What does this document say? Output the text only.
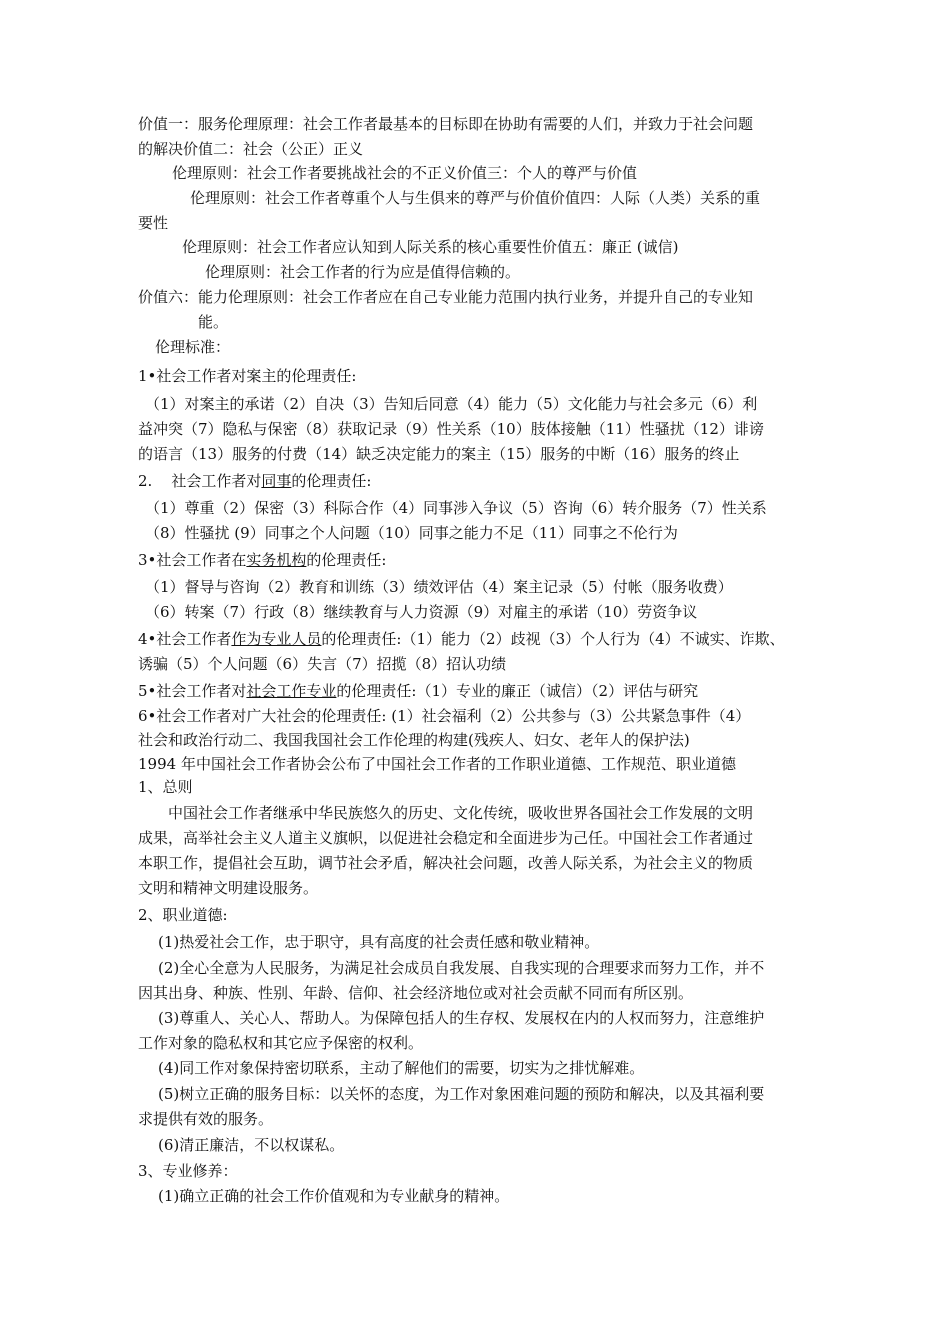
价值一：服务伦理原理：社会工作者最基本的目标即在协助有需要的人们，并致力于社会问题
的解决价值二：社会（公正）正义
伦理原则：社会工作者要挑战社会的不正义价值三：个人的尊严与价值
伦理原则：社会工作者尊重个人与生俱来的尊严与价值价值四：人际（人类）关系的重
要性
伦理原则：社会工作者应认知到人际关系的核心重要性价值五：廉正 (诚信)
伦理原则：社会工作者的行为应是值得信赖的。
价值六：能力伦理原则：社会工作者应在自己专业能力范围内执行业务，并提升自己的专业知
能。
伦理标准：
1•社会工作者对案主的伦理责任:
（1）对案主的承诺（2）自决（3）告知后同意（4）能力（5）文化能力与社会多元（6）利
益冲突（7）隐私与保密（8）获取记录（9）性关系（10）肢体接触（11）性骚扰（12）诽谤
的语言（13）服务的付费（14）缺乏决定能力的案主（15）服务的中断（16）服务的终止
2.    社会工作者对同事的伦理责任:
（1）尊重（2）保密（3）科际合作（4）同事涉入争议（5）咨询（6）转介服务（7）性关系
（8）性骚扰 (9）同事之个人问题（10）同事之能力不足（11）同事之不伦行为
3•社会工作者在实务机构的伦理责任:
（1）督导与咨询（2）教育和训练（3）绩效评估（4）案主记录（5）付帐（服务收费）
（6）转案（7）行政（8）继续教育与人力资源（9）对雇主的承诺（10）劳资争议
4•社会工作者作为专业人员的伦理责任:（1）能力（2）歧视（3）个人行为（4）不诚实、诈欺、
诱骗（5）个人问题（6）失言（7）招揽（8）招认功绩
5•社会工作者对社会工作专业的伦理责任:（1）专业的廉正（诚信）（2）评估与研究
6•社会工作者对广大社会的伦理责任: (1）社会福利（2）公共参与（3）公共紧急事件（4）
社会和政治行动二、我国我国社会工作伦理的构建(残疾人、妇女、老年人的保护法)
1994 年中国社会工作者协会公布了中国社会工作者的工作职业道德、工作规范、职业道德
1、总则
中国社会工作者继承中华民族悠久的历史、文化传统，吸收世界各国社会工作发展的文明
成果，高举社会主义人道主义旗帜，以促进社会稳定和全面进步为己任。中国社会工作者通过
本职工作，提倡社会互助，调节社会矛盾，解决社会问题，改善人际关系，为社会主义的物质
文明和精神文明建设服务。
2、职业道德:
(1)热爱社会工作，忠于职守，具有高度的社会责任感和敬业精神。
(2)全心全意为人民服务，为满足社会成员自我发展、自我实现的合理要求而努力工作，并不
因其出身、种族、性别、年龄、信仰、社会经济地位或对社会贡献不同而有所区别。
(3)尊重人、关心人、帮助人。为保障包括人的生存权、发展权在内的人权而努力，注意维护
工作对象的隐私权和其它应予保密的权利。
(4)同工作对象保持密切联系，主动了解他们的需要，切实为之排忧解难。
(5)树立正确的服务目标：以关怀的态度，为工作对象困难问题的预防和解决，以及其福利要
求提供有效的服务。
(6)清正廉洁，不以权谋私。
3、专业修养：
(1)确立正确的社会工作价值观和为专业献身的精神。
